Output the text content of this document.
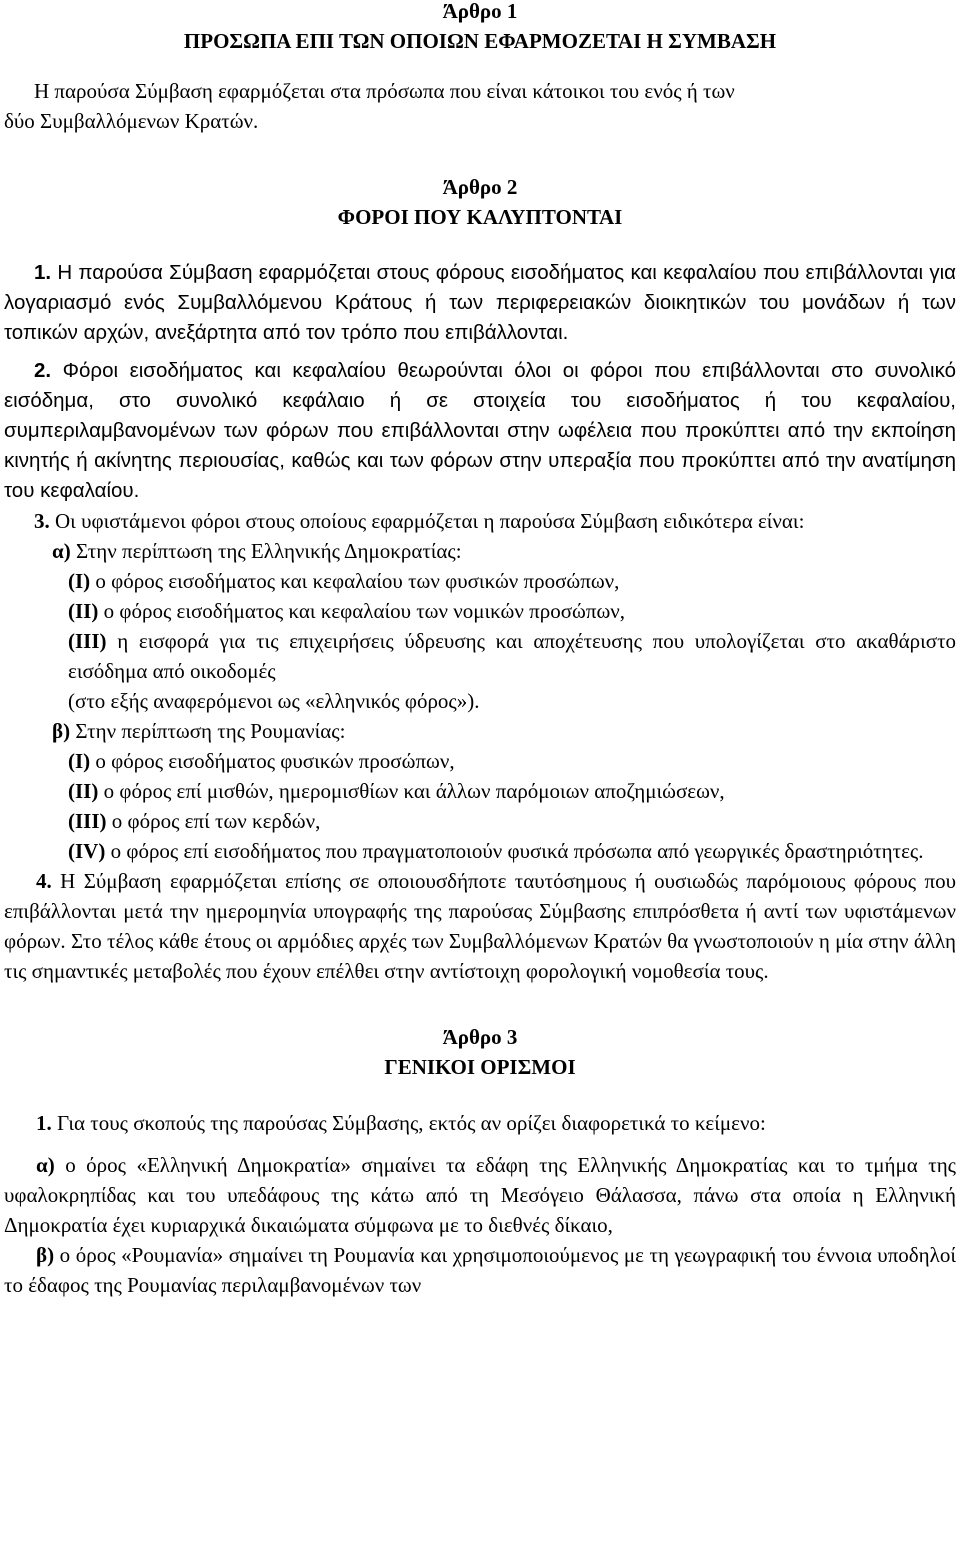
Άρθρο 1
ΠΡΟΣΩΠΑ ΕΠΙ ΤΩΝ ΟΠΟΙΩΝ ΕΦΑΡΜΟΖΕΤΑΙ Η ΣΥΜΒΑΣΗ
Η παρούσα Σύμβαση εφαρμόζεται στα πρόσωπα που είναι κάτοικοι του ενός ή των
δύο Συμβαλλόμενων Κρατών.
Άρθρο 2
ΦΟΡΟΙ ΠΟΥ ΚΑΛΥΠΤΟΝΤΑΙ

1. Η παρούσα Σύμβαση εφαρμόζεται στους φόρους εισοδήματος και κεφαλαίου που επιβάλλονται για λογαριασμό ενός Συμβαλλόμενου Κράτους ή των περιφερειακών διοικητικών του μονάδων ή των τοπικών αρχών, ανεξάρτητα από τον τρόπο που επιβάλλονται.

2. Φόροι εισοδήματος και κεφαλαίου θεωρούνται όλοι οι φόροι που επιβάλλονται στο συνολικό εισόδημα, στο συνολικό κεφάλαιο ή σε στοιχεία του εισοδήματος ή του κεφαλαίου, συμπεριλαμβανομένων των φόρων που επιβάλλονται στην ωφέλεια που προκύπτει από την εκποίηση κινητής ή ακίνητης περιουσίας, καθώς και των φόρων στην υπεραξία που προκύπτει από την ανατίμηση του κεφαλαίου.

3. Οι υφιστάμενοι φόροι στους οποίους εφαρμόζεται η παρούσα Σύμβαση ειδικότερα είναι:

α) Στην περίπτωση της Ελληνικής Δημοκρατίας:
(Ι) ο φόρος εισοδήματος και κεφαλαίου των φυσικών προσώπων,
(ΙΙ) ο φόρος εισοδήματος και κεφαλαίου των νομικών προσώπων,
(ΙΙΙ) η εισφορά για τις επιχειρήσεις ύδρευσης και αποχέτευσης που υπολογίζεται στο ακαθάριστο εισόδημα από οικοδομές
(στο εξής αναφερόμενοι ως «ελληνικός φόρος»).
β) Στην περίπτωση της Ρουμανίας:
(Ι) ο φόρος εισοδήματος φυσικών προσώπων,
(ΙΙ) ο φόρος επί μισθών, ημερομισθίων και άλλων παρόμοιων αποζημιώσεων,
(ΙΙΙ) ο φόρος επί των κερδών,
(ΙV) ο φόρος επί εισοδήματος που πραγματοποιούν φυσικά πρόσωπα από γεωργικές δραστηριότητες.

4. Η Σύμβαση εφαρμόζεται επίσης σε οποιουσδήποτε ταυτόσημους ή ουσιωδώς παρόμοιους φόρους που επιβάλλονται μετά την ημερομηνία υπογραφής της παρούσας Σύμβασης επιπρόσθετα ή αντί των υφιστάμενων φόρων. Στο τέλος κάθε έτους οι αρμόδιες αρχές των Συμβαλλόμενων Κρατών θα γνωστοποιούν η μία στην άλλη τις σημαντικές μεταβολές που έχουν επέλθει στην αντίστοιχη φορολογική νομοθεσία τους.

Άρθρο 3
ΓΕΝΙΚΟΙ ΟΡΙΣΜΟΙ

1. Για τους σκοπούς της παρούσας Σύμβασης, εκτός αν ορίζει διαφορετικά το κείμενο:

α) ο όρος «Ελληνική Δημοκρατία» σημαίνει τα εδάφη της Ελληνικής Δημοκρατίας και το τμήμα της υφαλοκρηπίδας και του υπεδάφους της κάτω από τη Μεσόγειο Θάλασσα, πάνω στα οποία η Ελληνική Δημοκρατία έχει κυριαρχικά δικαιώματα σύμφωνα με το διεθνές δίκαιο,

β) ο όρος «Ρουμανία» σημαίνει τη Ρουμανία και χρησιμοποιούμενος με τη γεωγραφική του έννοια υποδηλοί το έδαφος της Ρουμανίας περιλαμβανομένων των
